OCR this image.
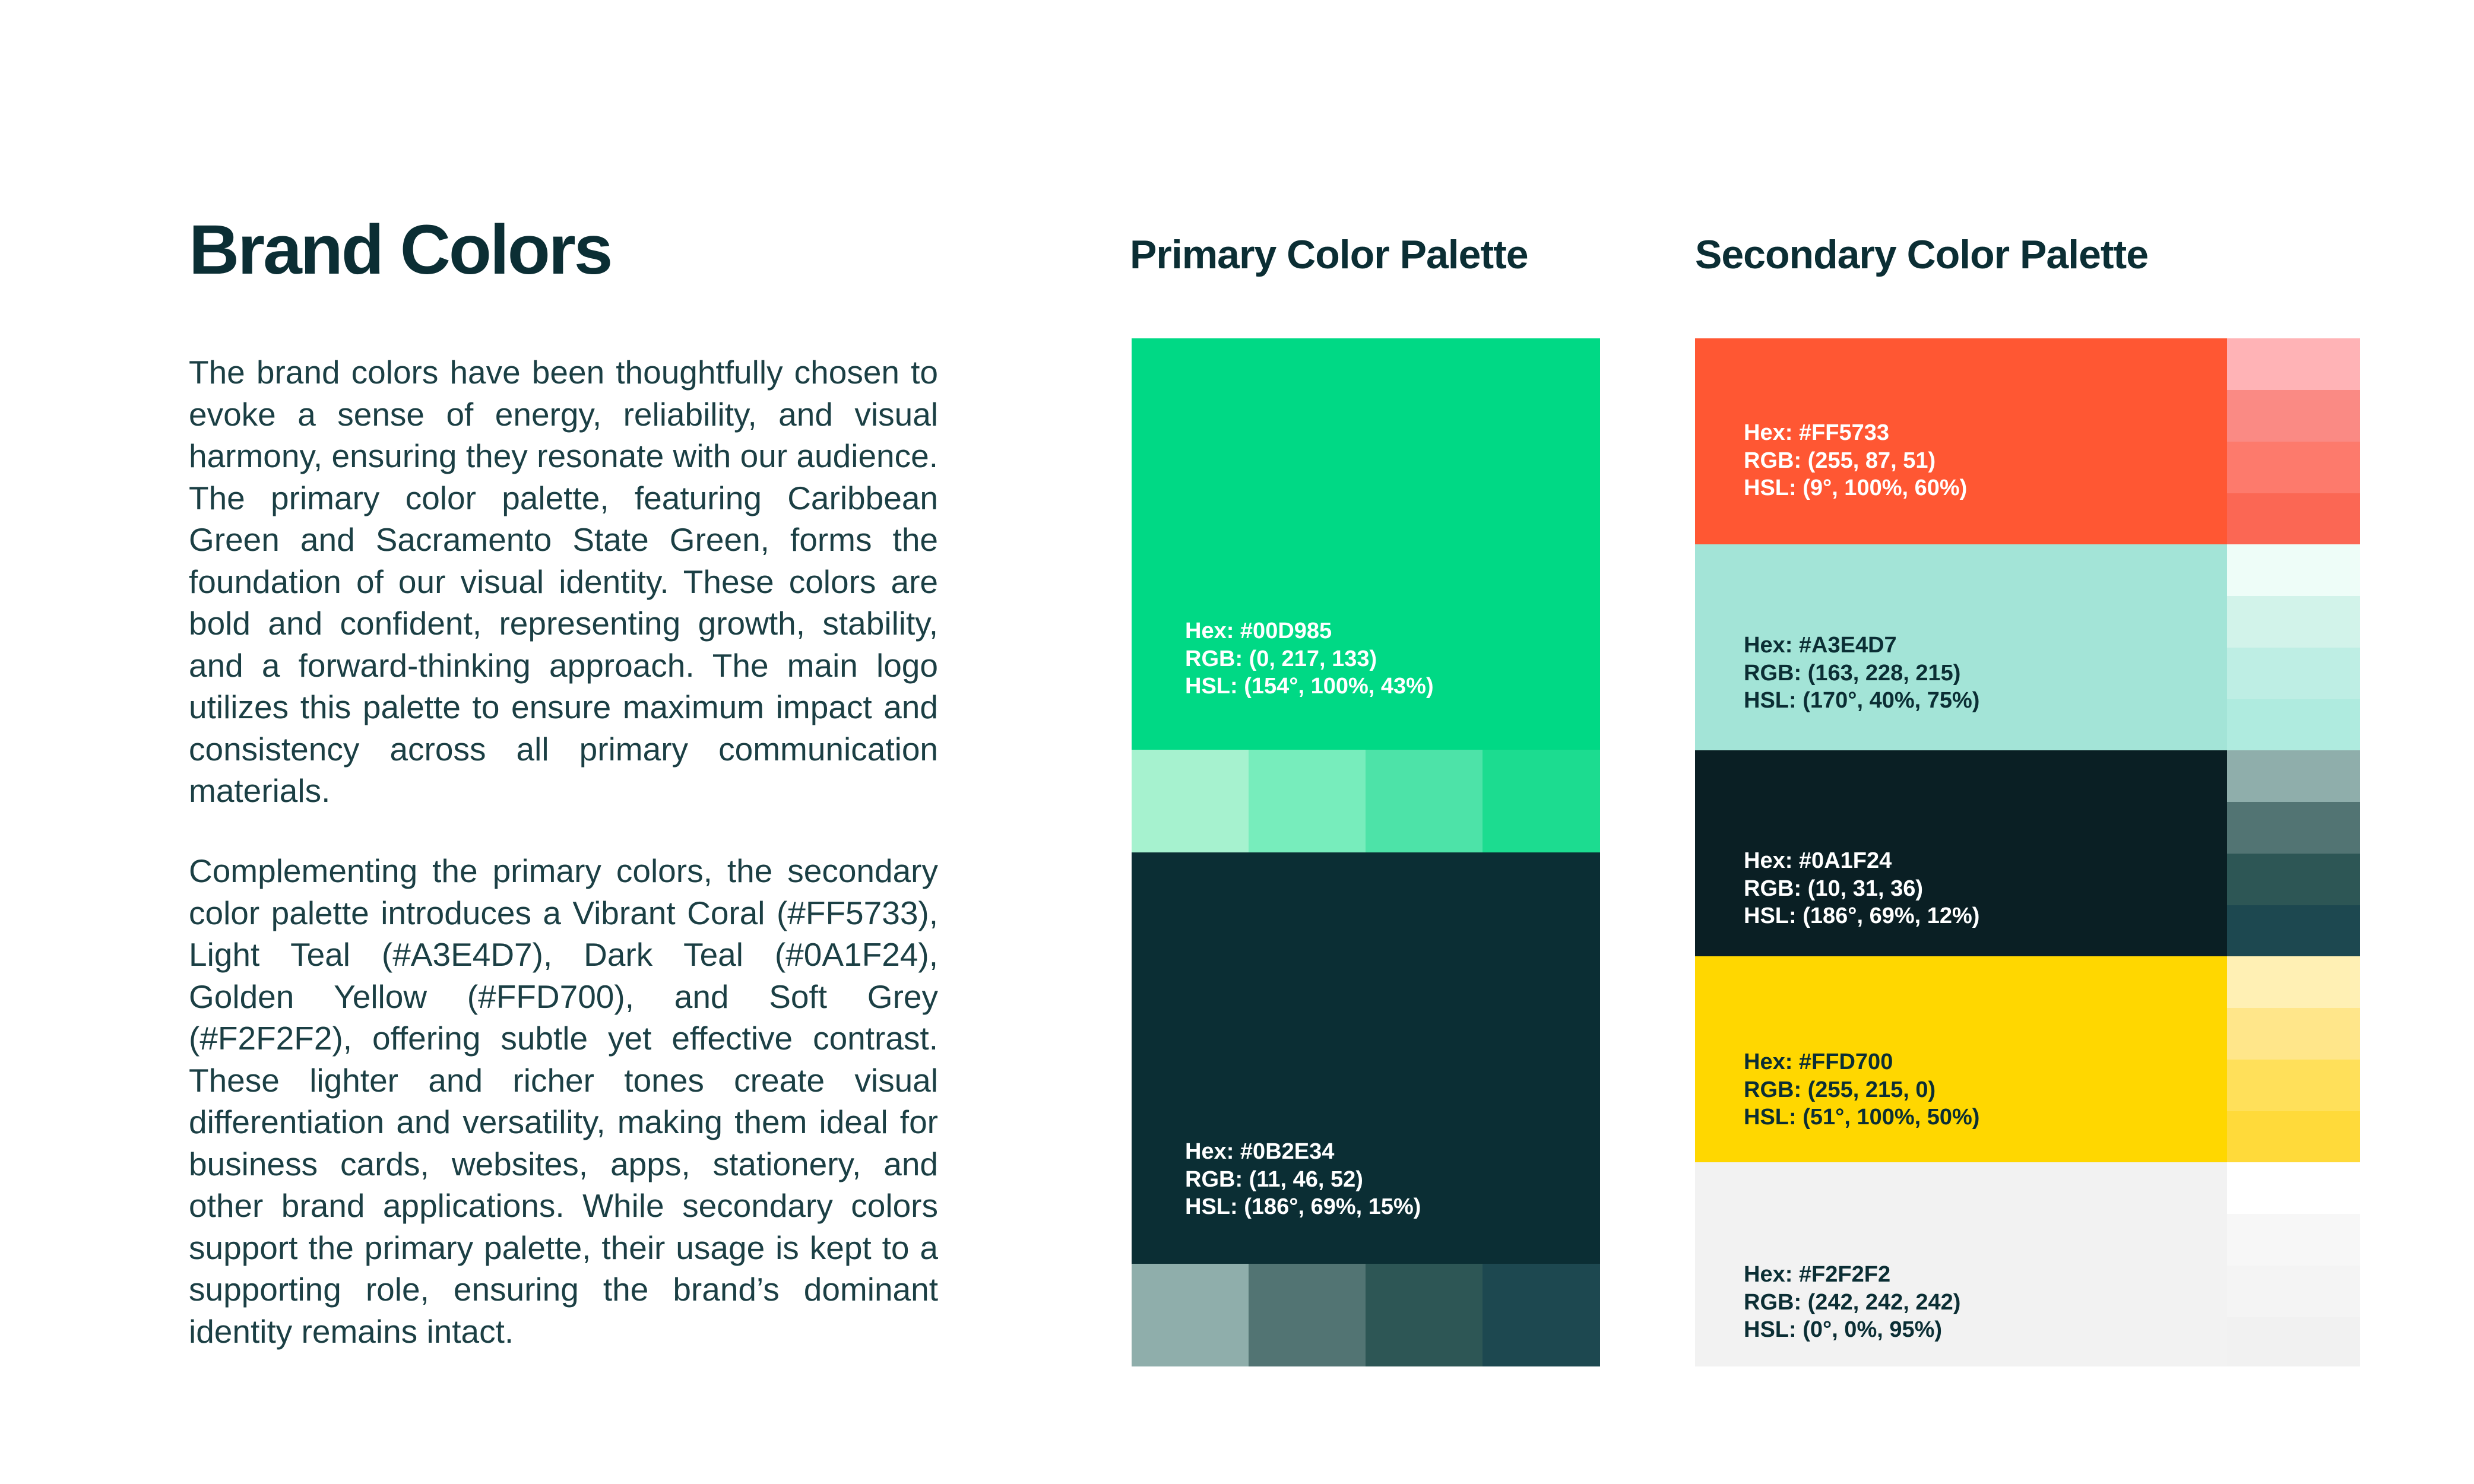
Brand Colors

The brand colors have been thoughtfully chosen to evoke a sense of energy, reliability, and visual harmony, ensuring they resonate with our audience. The primary color palette, featuring Caribbean Green and Sacramento State Green, forms the foundation of our visual identity. These colors are bold and confident, representing growth, stability, and a forward-thinking approach. The main logo utilizes this palette to ensure maximum impact and consistency across all primary communication materials.

Complementing the primary colors, the secondary color palette introduces a Vibrant Coral (#FF5733), Light Teal (#A3E4D7), Dark Teal (#0A1F24), Golden Yellow (#FFD700), and Soft Grey (#F2F2F2), offering subtle yet effective contrast. These lighter and richer tones create visual differentiation and versatility, making them ideal for business cards, websites, apps, stationery, and other brand applications. While secondary colors support the primary palette, their usage is kept to a supporting role, ensuring the brand’s dominant identity remains intact.

Primary Color Palette	Secondary Color Palette
Hex: #00D985
RGB: (0, 217, 133)
HSL: (154°, 100%, 43%)
Hex: #0B2E34
RGB: (11, 46, 52)
HSL: (186°, 69%, 15%)
Hex: #FF5733
RGB: (255, 87, 51)
HSL: (9°, 100%, 60%)
Hex: #A3E4D7
RGB: (163, 228, 215)
HSL: (170°, 40%, 75%)
Hex: #0A1F24
RGB: (10, 31, 36)
HSL: (186°, 69%, 12%)
Hex: #FFD700
RGB: (255, 215, 0)
HSL: (51°, 100%, 50%)
Hex: #F2F2F2
RGB: (242, 242, 242)
HSL: (0°, 0%, 95%)
